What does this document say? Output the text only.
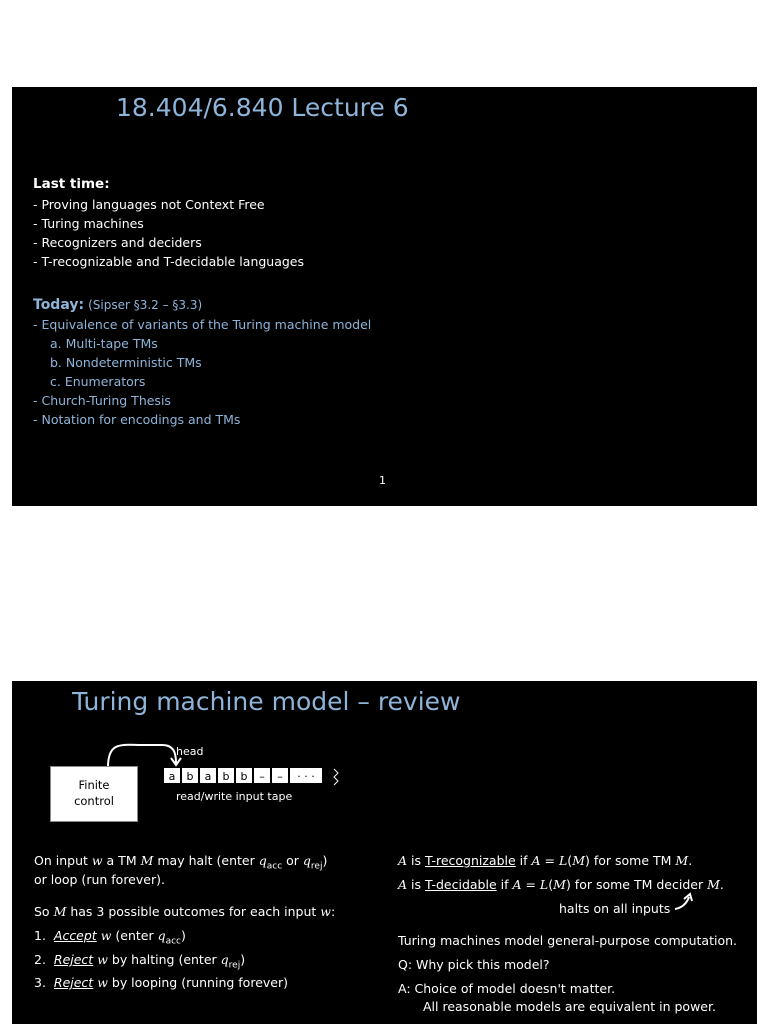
18.404/6.840 Lecture 6
Last time:
- Proving languages not Context Free
- Turing machines
- Recognizers and deciders
- T-recognizable and T-decidable languages
Today: (Sipser §3.2 – §3.3)
- Equivalence of variants of the Turing machine model
a. Multi-tape TMs
b. Nondeterministic TMs
c. Enumerators
- Church-Turing Thesis
- Notation for encodings and TMs
1
Turing machine model – review
head
Finite
control
a	b	a	b	b	–	–	· · ·
read/write input tape
On input w a TM M may halt (enter $q_{acc}$ or $q_{rej}$)
or loop (run forever).
So M has 3 possible outcomes for each input w:
1. Accept w (enter $q_{acc}$)
2. Reject w by halting (enter $q_{rej}$)
3. Reject w by looping (running forever)
A is T-recognizable if A = L(M) for some TM M.
A is T-decidable if A = L(M) for some TM decider M.
halts on all inputs
Turing machines model general-purpose computation.
Q: Why pick this model?
A: Choice of model doesn't matter.
All reasonable models are equivalent in power.
